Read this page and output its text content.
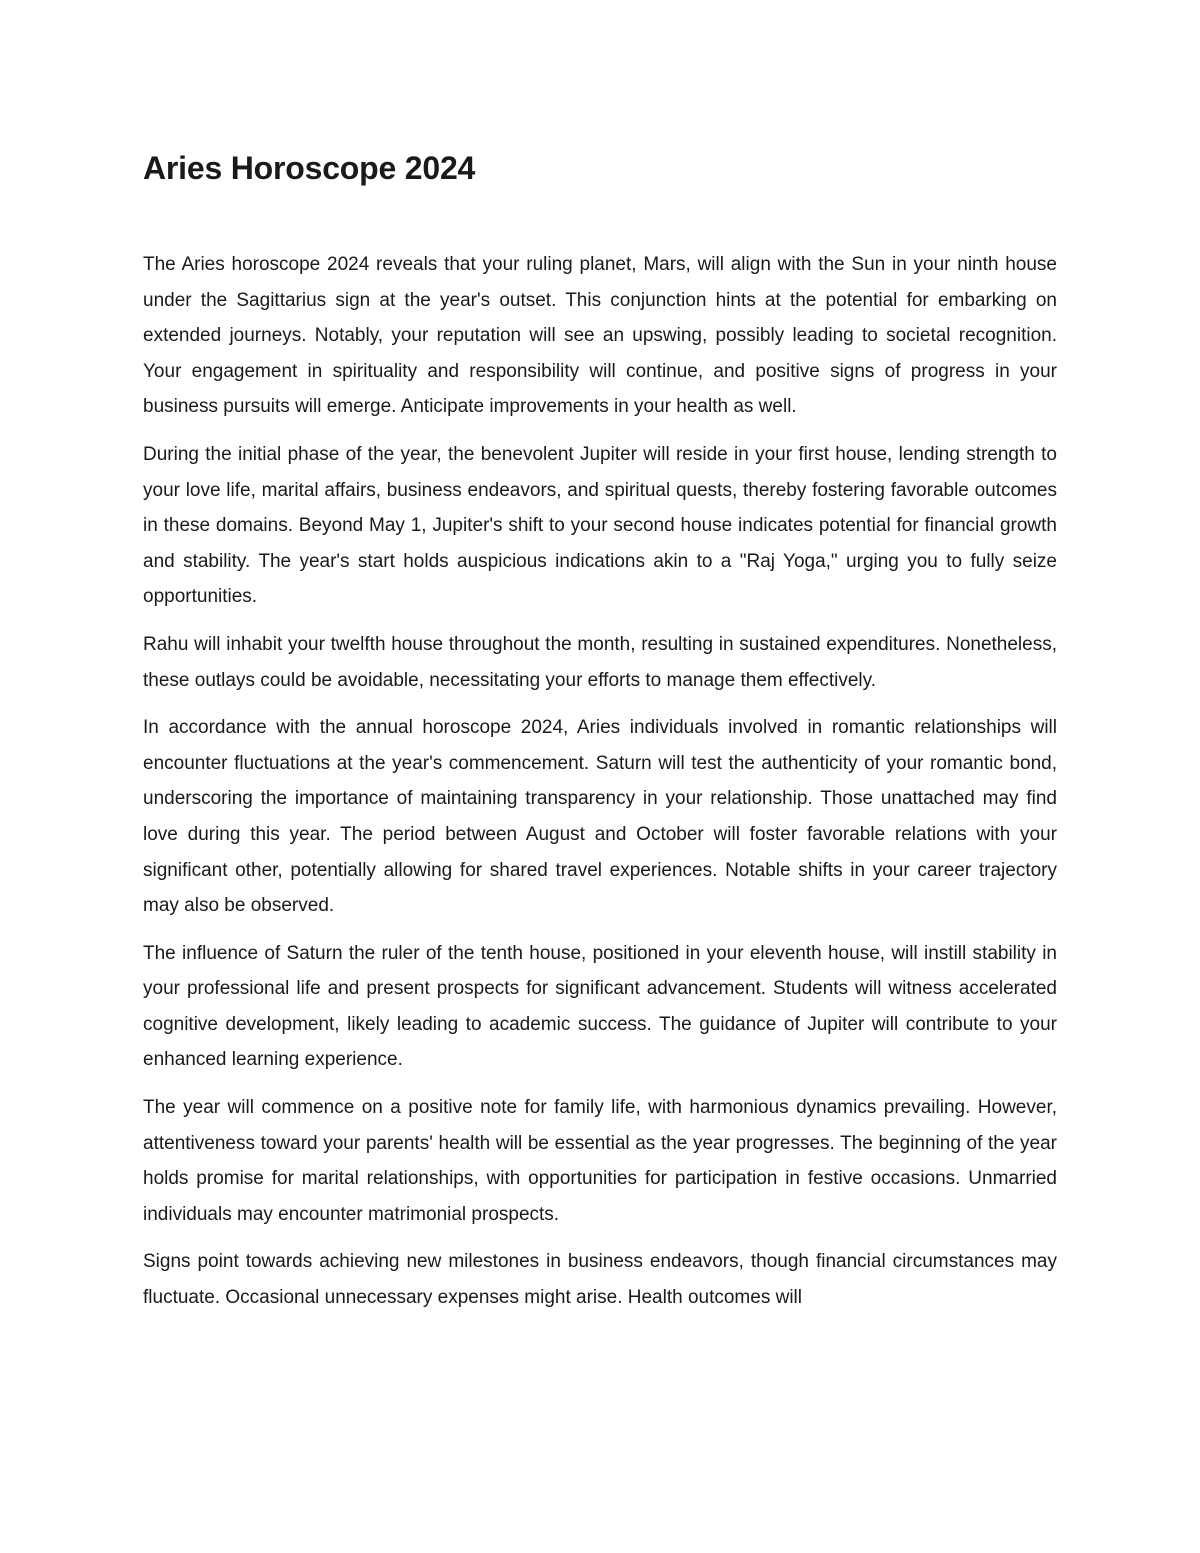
Aries Horoscope 2024

The Aries horoscope 2024 reveals that your ruling planet, Mars, will align with the Sun in your ninth house under the Sagittarius sign at the year's outset. This conjunction hints at the potential for embarking on extended journeys. Notably, your reputation will see an upswing, possibly leading to societal recognition. Your engagement in spirituality and responsibility will continue, and positive signs of progress in your business pursuits will emerge. Anticipate improvements in your health as well.

During the initial phase of the year, the benevolent Jupiter will reside in your first house, lending strength to your love life, marital affairs, business endeavors, and spiritual quests, thereby fostering favorable outcomes in these domains. Beyond May 1, Jupiter's shift to your second house indicates potential for financial growth and stability. The year's start holds auspicious indications akin to a "Raj Yoga," urging you to fully seize opportunities.

Rahu will inhabit your twelfth house throughout the month, resulting in sustained expenditures. Nonetheless, these outlays could be avoidable, necessitating your efforts to manage them effectively.

In accordance with the annual horoscope 2024, Aries individuals involved in romantic relationships will encounter fluctuations at the year's commencement. Saturn will test the authenticity of your romantic bond, underscoring the importance of maintaining transparency in your relationship. Those unattached may find love during this year. The period between August and October will foster favorable relations with your significant other, potentially allowing for shared travel experiences. Notable shifts in your career trajectory may also be observed.

The influence of Saturn the ruler of the tenth house, positioned in your eleventh house, will instill stability in your professional life and present prospects for significant advancement. Students will witness accelerated cognitive development, likely leading to academic success. The guidance of Jupiter will contribute to your enhanced learning experience.

The year will commence on a positive note for family life, with harmonious dynamics prevailing. However, attentiveness toward your parents' health will be essential as the year progresses. The beginning of the year holds promise for marital relationships, with opportunities for participation in festive occasions. Unmarried individuals may encounter matrimonial prospects.

Signs point towards achieving new milestones in business endeavors, though financial circumstances may fluctuate. Occasional unnecessary expenses might arise. Health outcomes will
